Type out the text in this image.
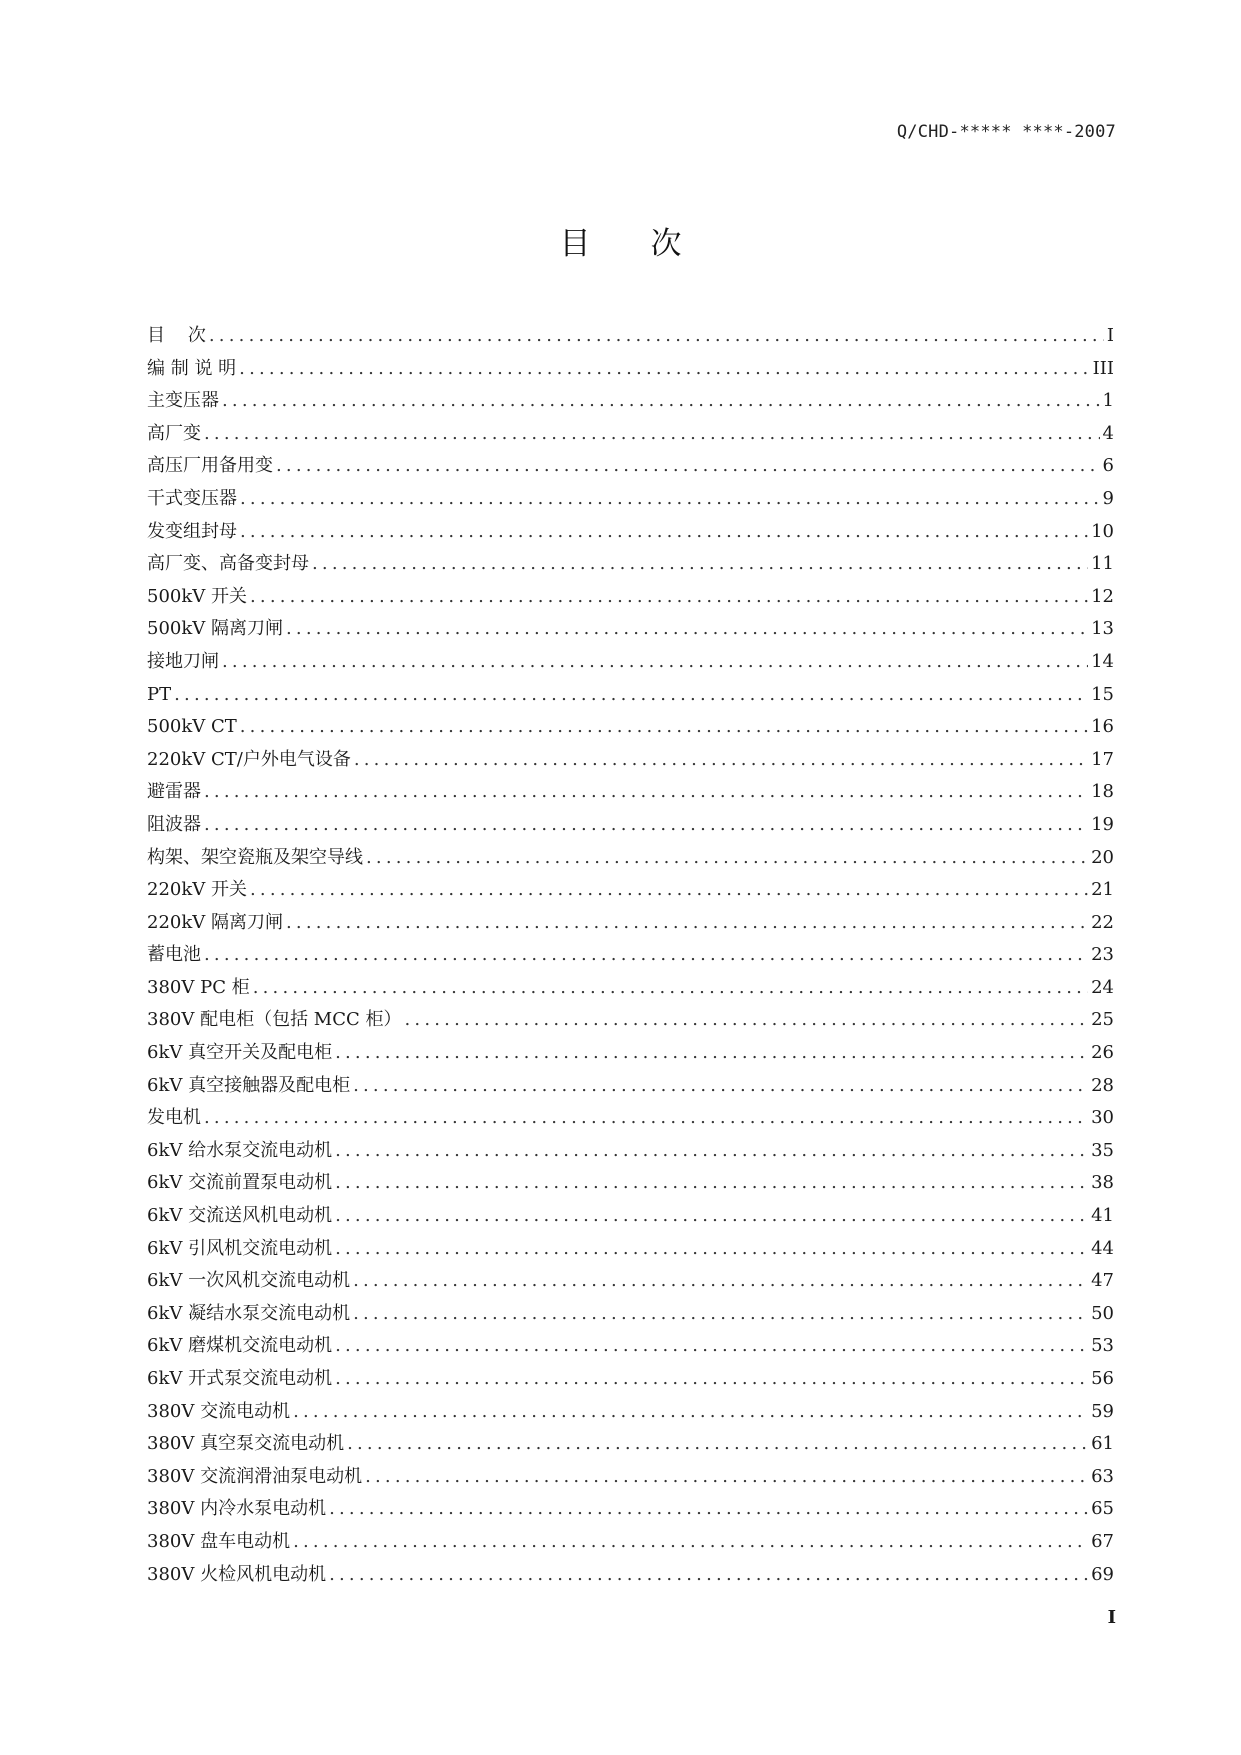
Q/CHD-***** ****-2007
目次
目    次 .....	I
编 制 说 明 .....	III
主变压器 .....	1
高厂变 .....	4
高压厂用备用变 .....	6
干式变压器 .....	9
发变组封母 .....	10
高厂变、高备变封母 .....	11
500kV 开关 .....	12
500kV 隔离刀闸 .....	13
接地刀闸 .....	14
PT .....	15
500kV CT .....	16
220kV CT/户外电气设备 .....	17
避雷器 .....	18
阻波器 .....	19
构架、架空瓷瓶及架空导线 .....	20
220kV 开关 .....	21
220kV 隔离刀闸 .....	22
蓄电池 .....	23
380V PC 柜 .....	24
380V 配电柜（包括 MCC 柜） .....	25
6kV 真空开关及配电柜 .....	26
6kV 真空接触器及配电柜 .....	28
发电机 .....	30
6kV 给水泵交流电动机 .....	35
6kV 交流前置泵电动机 .....	38
6kV 交流送风机电动机 .....	41
6kV 引风机交流电动机 .....	44
6kV 一次风机交流电动机 .....	47
6kV 凝结水泵交流电动机 .....	50
6kV 磨煤机交流电动机 .....	53
6kV 开式泵交流电动机 .....	56
380V 交流电动机 .....	59
380V 真空泵交流电动机 .....	61
380V 交流润滑油泵电动机 .....	63
380V 内冷水泵电动机 .....	65
380V 盘车电动机 .....	67
380V 火检风机电动机 .....	69
I
